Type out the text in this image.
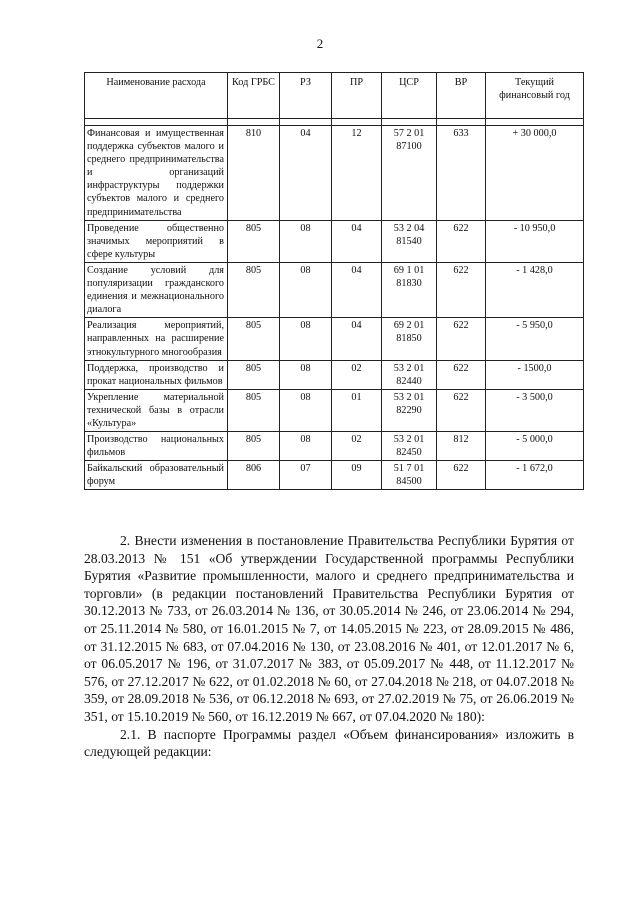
2
Наименование расхода	Код ГРБС	РЗ	ПР	ЦСР	ВР	Текущий финансовый год

Финансовая и имущественная поддержка субъектов малого и среднего предпринимательства и организаций инфраструктуры поддержки субъектов малого и среднего предпринимательства	810	04	12	57 2 01 87100	633	+ 30 000,0
Проведение общественно значимых мероприятий в сфере культуры	805	08	04	53 2 04 81540	622	- 10 950,0
Создание условий для популяризации гражданского единения и межнационального диалога	805	08	04	69 1 01 81830	622	- 1 428,0
Реализация мероприятий, направленных на расширение этнокультурного многообразия	805	08	04	69 2 01 81850	622	- 5 950,0
Поддержка, производство и прокат национальных фильмов	805	08	02	53 2 01 82440	622	- 1500,0
Укрепление материальной технической базы в отрасли «Культура»	805	08	01	53 2 01 82290	622	- 3 500,0
Производство национальных фильмов	805	08	02	53 2 01 82450	812	- 5 000,0
Байкальский образовательный форум	806	07	09	51 7 01 84500	622	- 1 672,0

2. Внести изменения в постановление Правительства Республики Бурятия от 28.03.2013 № 151 «Об утверждении Государственной программы Республики Бурятия «Развитие промышленности, малого и среднего предпринимательства и торговли» (в редакции постановлений Правительства Республики Бурятия от 30.12.2013 № 733, от 26.03.2014 № 136, от 30.05.2014 № 246, от 23.06.2014 № 294, от 25.11.2014 № 580, от 16.01.2015 № 7, от 14.05.2015 № 223, от 28.09.2015 № 486, от 31.12.2015 № 683, от 07.04.2016 № 130, от 23.08.2016 № 401, от 12.01.2017 № 6, от 06.05.2017 № 196, от 31.07.2017 № 383, от 05.09.2017 № 448, от 11.12.2017 № 576, от 27.12.2017 № 622, от 01.02.2018 № 60, от 27.04.2018 № 218, от 04.07.2018 № 359, от 28.09.2018 № 536, от 06.12.2018 № 693, от 27.02.2019 № 75, от 26.06.2019 № 351, от 15.10.2019 № 560, от 16.12.2019 № 667, от 07.04.2020 № 180):

2.1. В паспорте Программы раздел «Объем финансирования» изложить в следующей редакции:
